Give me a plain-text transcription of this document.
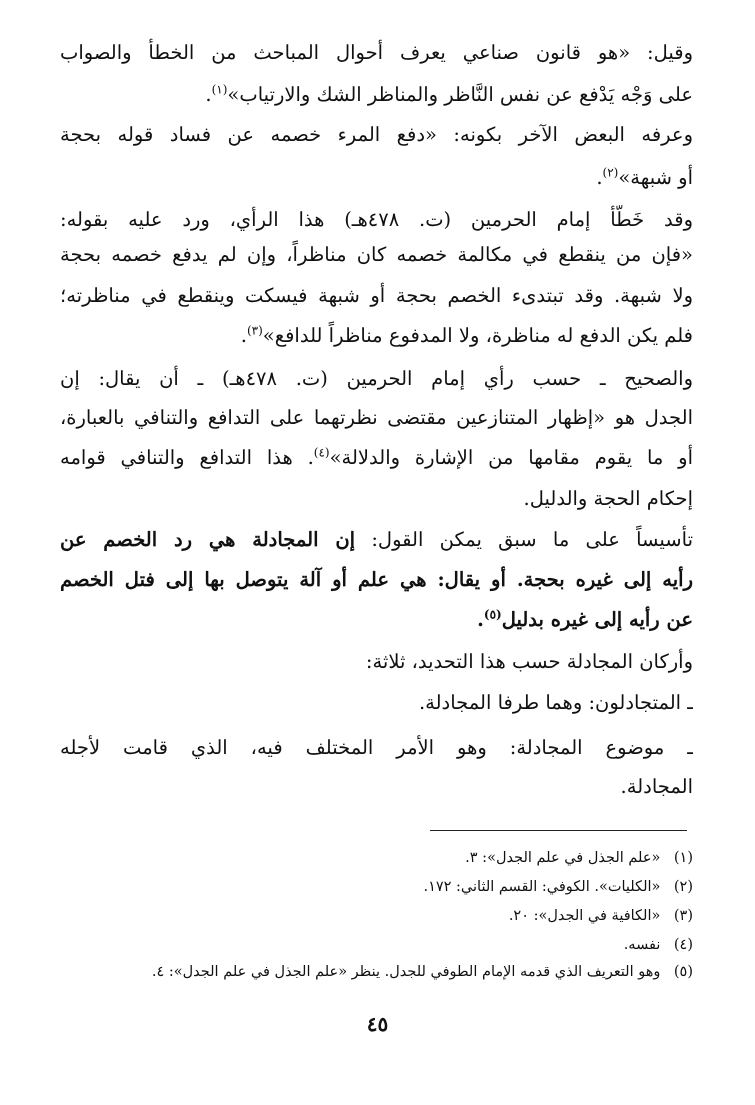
وقيل: «هو قانون صناعي يعرف أحوال المباحث من الخطأ والصواب
على وَجْه يَدْفع عن نفس النَّاظر والمناظر الشك والارتياب»$^{(١)}$.
وعرفه البعض الآخر بكونه: «دفع المرء خصمه عن فساد قوله بحجة
أو شبهة»$^{(٢)}$.
وقد خَطَّأ إمام الحرمين (ت. ٤٧٨هـ) هذا الرأي، ورد عليه بقوله:
«فإن من ينقطع في مكالمة خصمه كان مناظراً، وإن لم يدفع خصمه بحجة
ولا شبهة. وقد تبتدىء الخصم بحجة أو شبهة فيسكت وينقطع في مناظرته؛
فلم يكن الدفع له مناظرة، ولا المدفوع مناظراً للدافع»$^{(٣)}$.
والصحيح ـ حسب رأي إمام الحرمين (ت. ٤٧٨هـ) ـ أن يقال: إن
الجدل هو «إظهار المتنازعين مقتضى نظرتهما على التدافع والتنافي بالعبارة،
أو ما يقوم مقامها من الإشارة والدلالة»$^{(٤)}$. هذا التدافع والتنافي قوامه
إحكام الحجة والدليل.
تأسيساً على ما سبق يمكن القول: إن المجادلة هي رد الخصم عن
رأيه إلى غيره بحجة. أو يقال: هي علم أو آلة يتوصل بها إلى فتل الخصم
عن رأيه إلى غيره بدليل$^{(٥)}$.
وأركان المجادلة حسب هذا التحديد، ثلاثة:
ـ المتجادلون: وهما طرفا المجادلة.
ـ موضوع المجادلة: وهو الأمر المختلف فيه، الذي قامت لأجله
المجادلة.
(١) «علم الجذل في علم الجدل»: ٣.
(٢) «الكليات». الكوفي: القسم الثاني: ١٧٢.
(٣) «الكافية في الجدل»: ٢٠.
(٤) نفسه.
(٥) وهو التعريف الذي قدمه الإمام الطوفي للجدل. ينظر «علم الجذل في علم الجدل»: ٤.
٤٥
